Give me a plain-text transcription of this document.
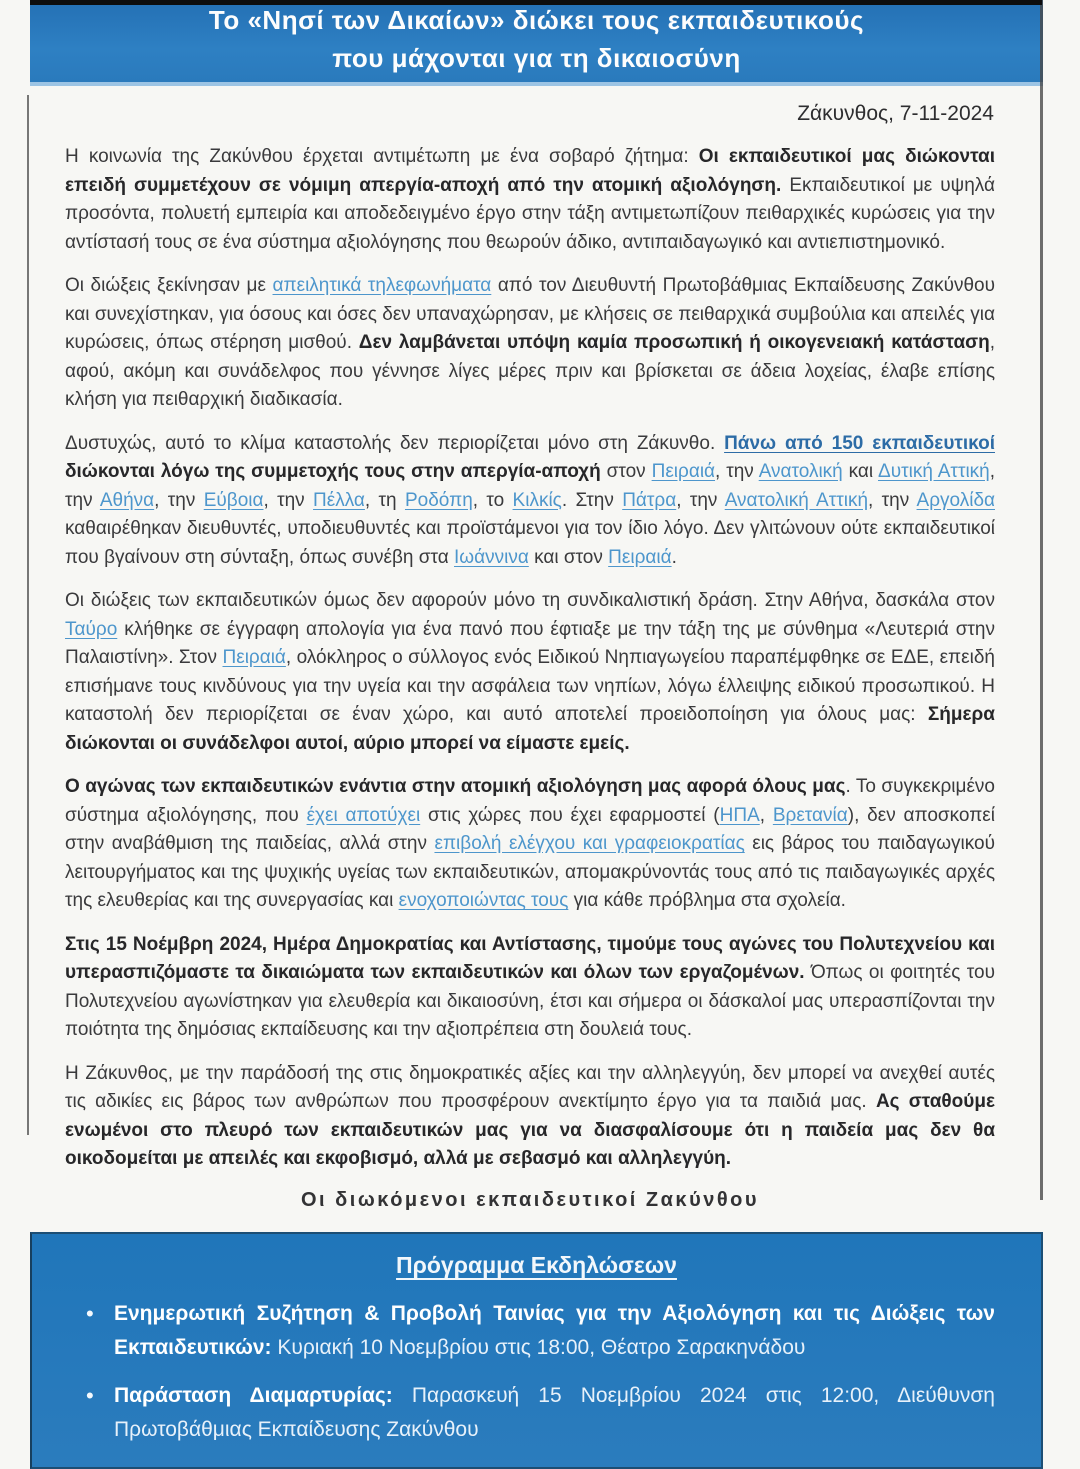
Το «Νησί των Δικαίων» διώκει τους εκπαιδευτικούς
που μάχονται για τη δικαιοσύνη
Ζάκυνθος, 7-11-2024

Η κοινωνία της Ζακύνθου έρχεται αντιμέτωπη με ένα σοβαρό ζήτημα: Οι εκπαιδευτικοί μας διώκονται επειδή συμμετέχουν σε νόμιμη απεργία-αποχή από την ατομική αξιολόγηση. Εκπαιδευτικοί με υψηλά προσόντα, πολυετή εμπειρία και αποδεδειγμένο έργο στην τάξη αντιμετωπίζουν πειθαρχικές κυρώσεις για την αντίστασή τους σε ένα σύστημα αξιολόγησης που θεωρούν άδικο, αντιπαιδαγωγικό και αντιεπιστημονικό.

Οι διώξεις ξεκίνησαν με απειλητικά τηλεφωνήματα από τον Διευθυντή Πρωτοβάθμιας Εκπαίδευσης Ζακύνθου και συνεχίστηκαν, για όσους και όσες δεν υπαναχώρησαν, με κλήσεις σε πειθαρχικά συμβούλια και απειλές για κυρώσεις, όπως στέρηση μισθού. Δεν λαμβάνεται υπόψη καμία προσωπική ή οικογενειακή κατάσταση, αφού, ακόμη και συνάδελφος που γέννησε λίγες μέρες πριν και βρίσκεται σε άδεια λοχείας, έλαβε επίσης κλήση για πειθαρχική διαδικασία.

Δυστυχώς, αυτό το κλίμα καταστολής δεν περιορίζεται μόνο στη Ζάκυνθο. Πάνω από 150 εκπαιδευτικοί διώκονται λόγω της συμμετοχής τους στην απεργία-αποχή στον Πειραιά, την Ανατολική και Δυτική Αττική, την Αθήνα, την Εύβοια, την Πέλλα, τη Ροδόπη, το Κιλκίς. Στην Πάτρα, την Ανατολική Αττική, την Αργολίδα καθαιρέθηκαν διευθυντές, υποδιευθυντές και προϊστάμενοι για τον ίδιο λόγο. Δεν γλιτώνουν ούτε εκπαιδευτικοί που βγαίνουν στη σύνταξη, όπως συνέβη στα Ιωάννινα και στον Πειραιά.

Οι διώξεις των εκπαιδευτικών όμως δεν αφορούν μόνο τη συνδικαλιστική δράση. Στην Αθήνα, δασκάλα στον Ταύρο κλήθηκε σε έγγραφη απολογία για ένα πανό που έφτιαξε με την τάξη της με σύνθημα «Λευτεριά στην Παλαιστίνη». Στον Πειραιά, ολόκληρος ο σύλλογος ενός Ειδικού Νηπιαγωγείου παραπέμφθηκε σε ΕΔΕ, επειδή επισήμανε τους κινδύνους για την υγεία και την ασφάλεια των νηπίων, λόγω έλλειψης ειδικού προσωπικού. Η καταστολή δεν περιορίζεται σε έναν χώρο, και αυτό αποτελεί προειδοποίηση για όλους μας: Σήμερα διώκονται οι συνάδελφοι αυτοί, αύριο μπορεί να είμαστε εμείς.

Ο αγώνας των εκπαιδευτικών ενάντια στην ατομική αξιολόγηση μας αφορά όλους μας. Το συγκεκριμένο σύστημα αξιολόγησης, που έχει αποτύχει στις χώρες που έχει εφαρμοστεί (ΗΠΑ, Βρετανία), δεν αποσκοπεί στην αναβάθμιση της παιδείας, αλλά στην επιβολή ελέγχου και γραφειοκρατίας εις βάρος του παιδαγωγικού λειτουργήματος και της ψυχικής υγείας των εκπαιδευτικών, απομακρύνοντάς τους από τις παιδαγωγικές αρχές της ελευθερίας και της συνεργασίας και ενοχοποιώντας τους για κάθε πρόβλημα στα σχολεία.

Στις 15 Νοέμβρη 2024, Ημέρα Δημοκρατίας και Αντίστασης, τιμούμε τους αγώνες του Πολυτεχνείου και υπερασπιζόμαστε τα δικαιώματα των εκπαιδευτικών και όλων των εργαζομένων. Όπως οι φοιτητές του Πολυτεχνείου αγωνίστηκαν για ελευθερία και δικαιοσύνη, έτσι και σήμερα οι δάσκαλοί μας υπερασπίζονται την ποιότητα της δημόσιας εκπαίδευσης και την αξιοπρέπεια στη δουλειά τους.

Η Ζάκυνθος, με την παράδοσή της στις δημοκρατικές αξίες και την αλληλεγγύη, δεν μπορεί να ανεχθεί αυτές τις αδικίες εις βάρος των ανθρώπων που προσφέρουν ανεκτίμητο έργο για τα παιδιά μας. Ας σταθούμε ενωμένοι στο πλευρό των εκπαιδευτικών μας για να διασφαλίσουμε ότι η παιδεία μας δεν θα οικοδομείται με απειλές και εκφοβισμό, αλλά με σεβασμό και αλληλεγγύη.

Οι διωκόμενοι εκπαιδευτικοί Ζακύνθου
Πρόγραμμα Εκδηλώσεων
• Ενημερωτική Συζήτηση & Προβολή Ταινίας για την Αξιολόγηση και τις Διώξεις των Εκπαιδευτικών: Κυριακή 10 Νοεμβρίου στις 18:00, Θέατρο Σαρακηνάδου
• Παράσταση Διαμαρτυρίας: Παρασκευή 15 Νοεμβρίου 2024 στις 12:00, Διεύθυνση Πρωτοβάθμιας Εκπαίδευσης Ζακύνθου
